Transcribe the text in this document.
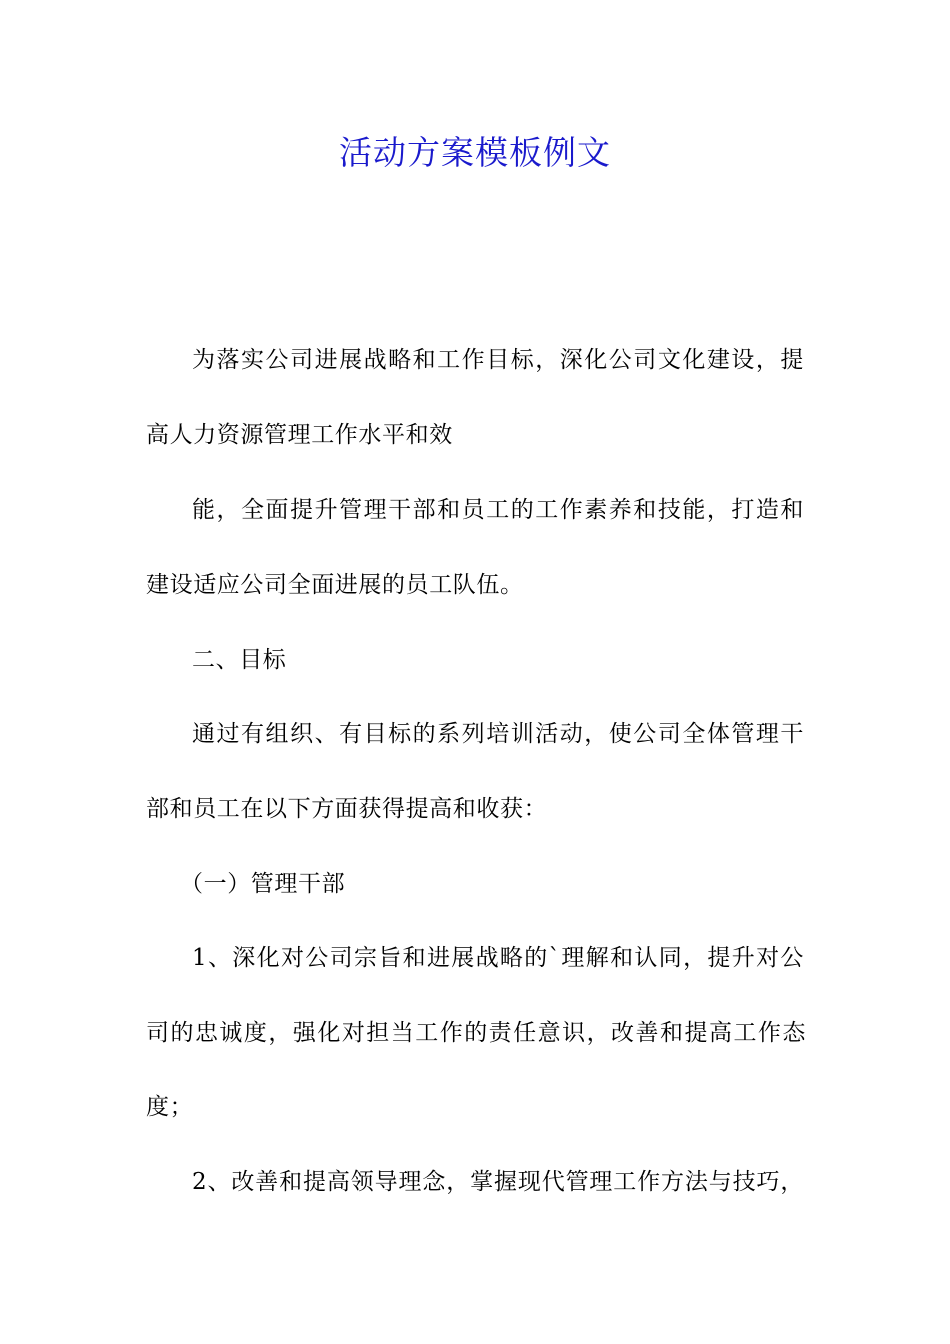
活动方案模板例文
为落实公司进展战略和工作目标，深化公司文化建设，提
高人力资源管理工作水平和效
能，全面提升管理干部和员工的工作素养和技能，打造和
建设适应公司全面进展的员工队伍。
二、目标
通过有组织、有目标的系列培训活动，使公司全体管理干
部和员工在以下方面获得提高和收获：
（一）管理干部
1、深化对公司宗旨和进展战略的`理解和认同，提升对公
司的忠诚度，强化对担当工作的责任意识，改善和提高工作态
度；
2、改善和提高领导理念，掌握现代管理工作方法与技巧，
